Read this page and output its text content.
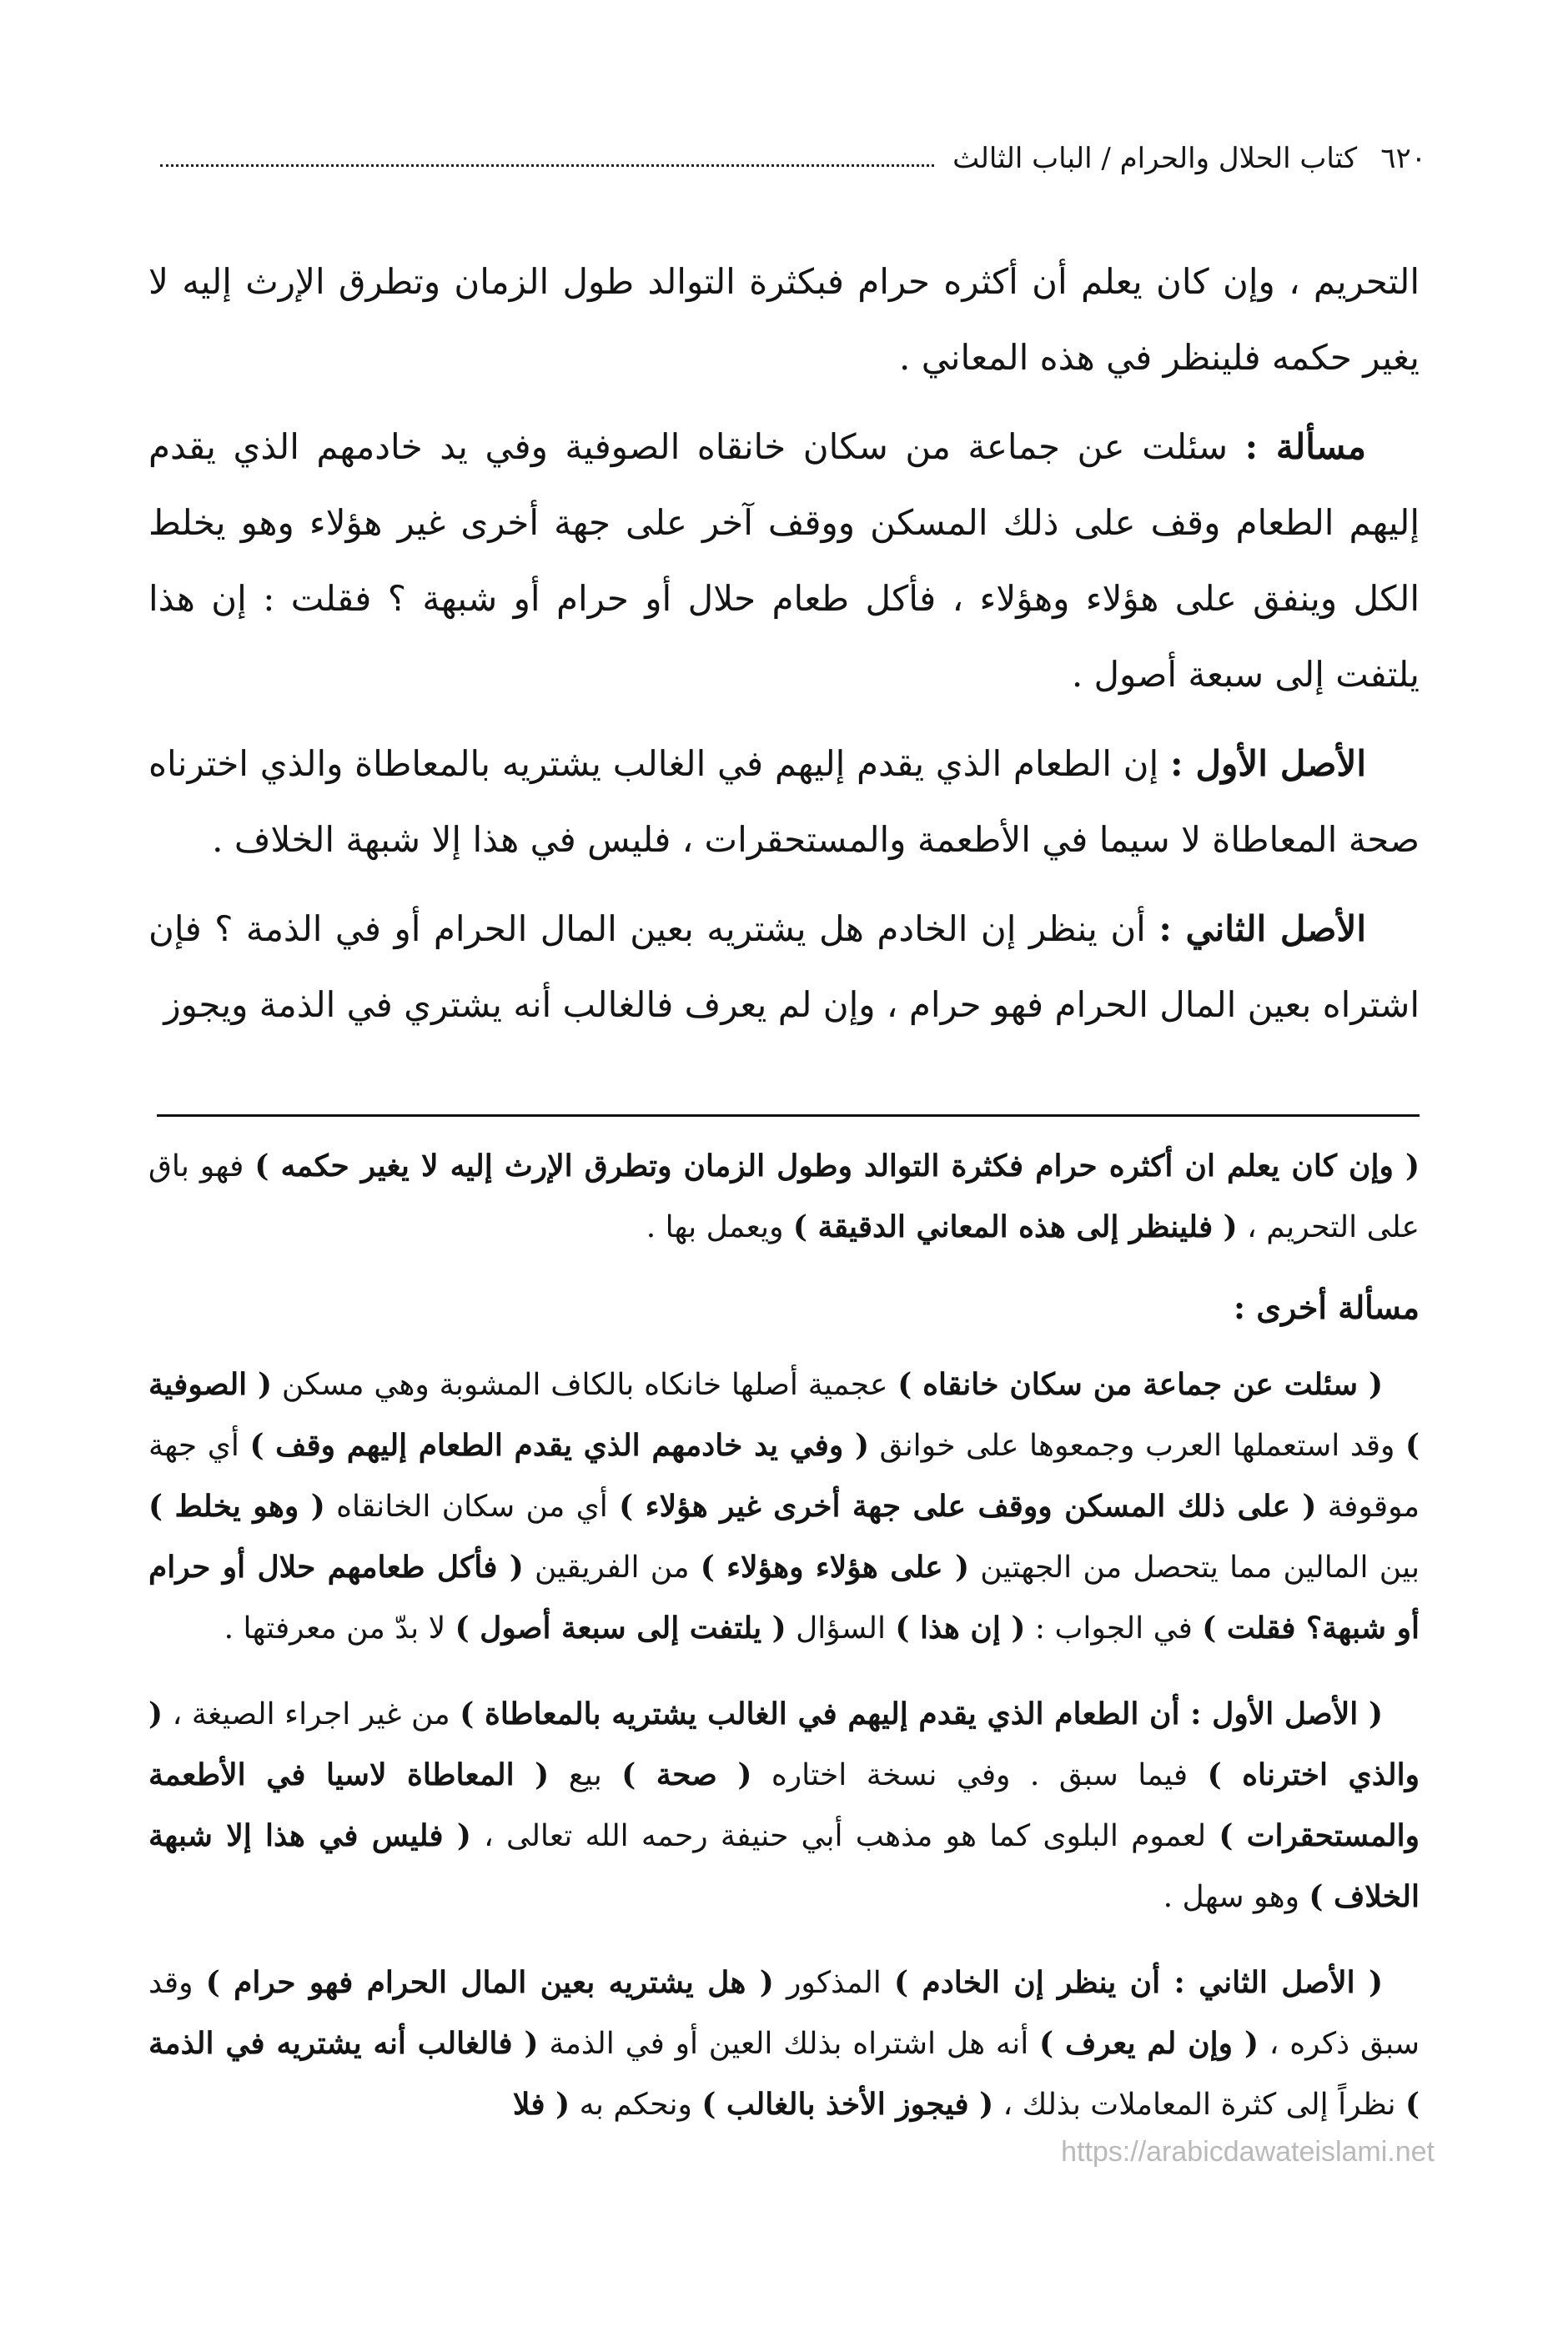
٦٢٠
كتاب الحلال والحرام / الباب الثالث

التحريم ، وإن كان يعلم أن أكثره حرام فبكثرة التوالد طول الزمان وتطرق الإرث إليه لا يغير حكمه فلينظر في هذه المعاني .

مسألة : سئلت عن جماعة من سكان خانقاه الصوفية وفي يد خادمهم الذي يقدم إليهم الطعام وقف على ذلك المسكن ووقف آخر على جهة أخرى غير هؤلاء وهو يخلط الكل وينفق على هؤلاء وهؤلاء ، فأكل طعام حلال أو حرام أو شبهة ؟ فقلت : إن هذا يلتفت إلى سبعة أصول .

الأصل الأول : إن الطعام الذي يقدم إليهم في الغالب يشتريه بالمعاطاة والذي اخترناه صحة المعاطاة لا سيما في الأطعمة والمستحقرات ، فليس في هذا إلا شبهة الخلاف .

الأصل الثاني : أن ينظر إن الخادم هل يشتريه بعين المال الحرام أو في الذمة ؟ فإن اشتراه بعين المال الحرام فهو حرام ، وإن لم يعرف فالغالب أنه يشتري في الذمة ويجوز

( وإن كان يعلم ان أكثره حرام فكثرة التوالد وطول الزمان وتطرق الإرث إليه لا يغير حكمه ) فهو باق على التحريم ، ( فلينظر إلى هذه المعاني الدقيقة ) ويعمل بها .

مسألة أخرى :

( سئلت عن جماعة من سكان خانقاه ) عجمية أصلها خانكاه بالكاف المشوبة وهي مسكن ( الصوفية ) وقد استعملها العرب وجمعوها على خوانق ( وفي يد خادمهم الذي يقدم الطعام إليهم وقف ) أي جهة موقوفة ( على ذلك المسكن ووقف على جهة أخرى غير هؤلاء ) أي من سكان الخانقاه ( وهو يخلط ) بين المالين مما يتحصل من الجهتين ( على هؤلاء وهؤلاء ) من الفريقين ( فأكل طعامهم حلال أو حرام أو شبهة؟ فقلت ) في الجواب : ( إن هذا ) السؤال ( يلتفت إلى سبعة أصول ) لا بدّ من معرفتها .

( الأصل الأول : أن الطعام الذي يقدم إليهم في الغالب يشتريه بالمعاطاة ) من غير اجراء الصيغة ، ( والذي اخترناه ) فيما سبق . وفي نسخة اختاره ( صحة ) بيع ( المعاطاة لاسيا في الأطعمة والمستحقرات ) لعموم البلوى كما هو مذهب أبي حنيفة رحمه الله تعالى ، ( فليس في هذا إلا شبهة الخلاف ) وهو سهل .

( الأصل الثاني : أن ينظر إن الخادم ) المذكور ( هل يشتريه بعين المال الحرام فهو حرام ) وقد سبق ذكره ، ( وإن لم يعرف ) أنه هل اشتراه بذلك العين أو في الذمة ( فالغالب أنه يشتريه في الذمة ) نظراً إلى كثرة المعاملات بذلك ، ( فيجوز الأخذ بالغالب ) ونحكم به ( فلا

https://arabicdawateislami.net
